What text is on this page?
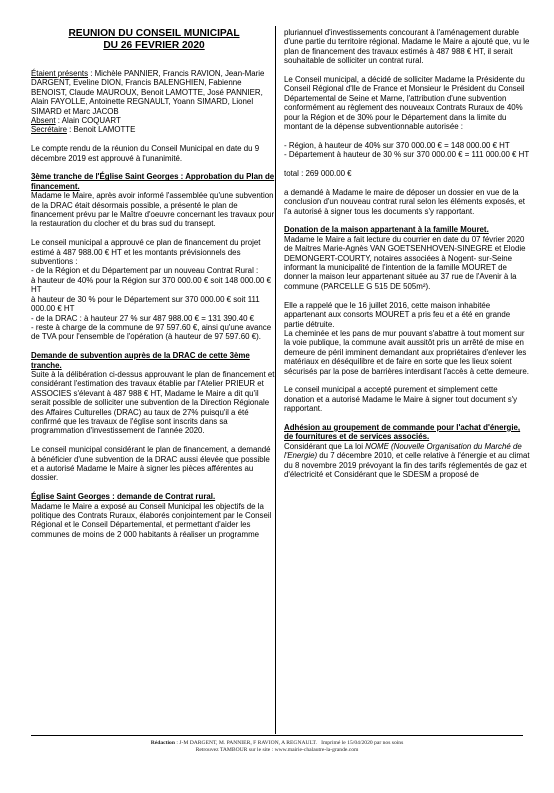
REUNION DU CONSEIL MUNICIPAL
DU 26 FEVRIER 2020

Étaient présents : Michèle PANNIER, Francis RAVION, Jean-Marie DARGENT, Eveline DION, Francis BALENGHIEN, Fabienne BENOIST, Claude MAUROUX, Benoit LAMOTTE, José PANNIER, Alain FAYOLLE, Antoinette REGNAULT, Yoann SIMARD, Lionel SIMARD et Marc JACOB

Absent : Alain COQUART

Secrétaire : Benoit LAMOTTE

Le compte rendu de la réunion du Conseil Municipal en date du 9 décembre 2019 est approuvé à l'unanimité.

3ème tranche de l'Église Saint Georges : Approbation du Plan de financement.

Madame le Maire, après avoir informé l'assemblée qu'une subvention de la DRAC était désormais possible, a présenté le plan de financement prévu par le Maître d'oeuvre concernant les travaux pour la restauration du clocher et du bras sud du transept.

Le conseil municipal a approuvé ce plan de financement du projet estimé à 487 988.00 € HT et les montants prévisionnels des subventions :

- de la Région et du Département par un nouveau Contrat Rural :

à hauteur de 40% pour la Région sur 370 000.00 € soit 148 000.00 € HT

à hauteur de 30 % pour le Département sur 370 000.00 € soit 111 000.00 € HT

- de la DRAC : à hauteur 27 % sur 487 988.00 € = 131 390.40 €

- reste à charge de la commune de 97 597.60 €, ainsi qu'une avance de TVA pour l'ensemble de l'opération (à hauteur de 97 597.60 €).

Demande de subvention auprès de la DRAC de cette 3ème tranche.

Suite à la délibération ci-dessus approuvant le plan de financement et considérant l'estimation des travaux établie par l'Atelier PRIEUR et ASSOCIES s'élevant à 487 988 € HT, Madame le Maire a dit qu'il serait possible de solliciter une subvention de la Direction Régionale des Affaires Culturelles (DRAC) au taux de 27% puisqu'il a été confirmé que les travaux de l'église sont inscrits dans sa programmation d'investissement de l'année 2020.

Le conseil municipal considérant le plan de financement, a demandé à bénéficier d'une subvention de la DRAC aussi élevée que possible et a autorisé Madame le Maire à signer les pièces afférentes au dossier.

Église Saint Georges : demande de Contrat rural.

Madame le Maire a exposé au Conseil Municipal les objectifs de la politique des Contrats Ruraux, élaborés conjointement par le Conseil Régional et le Conseil Départemental, et permettant d'aider les communes de moins de 2 000 habitants à réaliser un programme

pluriannuel d'investissements concourant à l'aménagement durable d'une partie du territoire régional. Madame le Maire a ajouté que, vu le plan de financement des travaux estimés à 487 988 € HT, il serait souhaitable de solliciter un contrat rural.

Le Conseil municipal, a décidé de solliciter Madame la Présidente du Conseil Régional d'Ile de France et Monsieur le Président du Conseil Départemental de Seine et Marne, l'attribution d'une subvention conformément au règlement des nouveaux Contrats Ruraux de 40% pour la Région et de 30% pour le Département dans la limite du montant de la dépense subventionnable autorisée :

- Région, à hauteur de 40% sur 370 000.00 € = 148 000.00 € HT

- Département à hauteur de 30 % sur 370 000.00 € = 111 000.00 € HT

total : 269 000.00 €

a demandé à Madame le maire de déposer un dossier en vue de la conclusion d'un nouveau contrat rural selon les éléments exposés, et l'a autorisé à signer tous les documents s'y rapportant.

Donation de la maison appartenant à la famille Mouret.

Madame le Maire a fait lecture du courrier en date du 07 février 2020 de Maitres Marie-Agnès VAN GOETSENHOVEN-SINEGRE et Elodie DEMONGERT-COURTY, notaires associées à Nogent- sur-Seine informant la municipalité de l'intention de la famille MOURET de donner la maison leur appartenant située au 37 rue de l'Avenir à la commune (PARCELLE G 515 DE 505m²).

Elle a rappelé que le 16 juillet 2016, cette maison inhabitée appartenant aux consorts MOURET a pris feu et a été en grande partie détruite.

La cheminée et les pans de mur pouvant s'abattre à tout moment sur la voie publique, la commune avait aussitôt pris un arrêté de mise en demeure de péril imminent demandant aux propriétaires d'enlever les matériaux en déséquilibre et de faire en sorte que les lieux soient sécurisés par la pose de barrières interdisant l'accès à cette demeure.

Le conseil municipal a accepté purement et simplement cette donation et a autorisé Madame le Maire à signer tout document s'y rapportant.

Adhésion au groupement de commande pour l'achat d'énergie, de fournitures et de services associés.

Considérant que La loi NOME (Nouvelle Organisation du Marché de l'Energie) du 7 décembre 2010, et celle relative à l'énergie et au climat du 8 novembre 2019 prévoyant la fin des tarifs réglementés de gaz et d'électricité et Considérant que le SDESM a proposé de

Rédaction : J-M DARGENT, M. PANNIER, F RAVION, A REGNAULT. Imprimé le 15/04/2020 par nos soins
Retrouvez TAMBOUR sur le site : www.mairie-chalautre-la-grande.com
